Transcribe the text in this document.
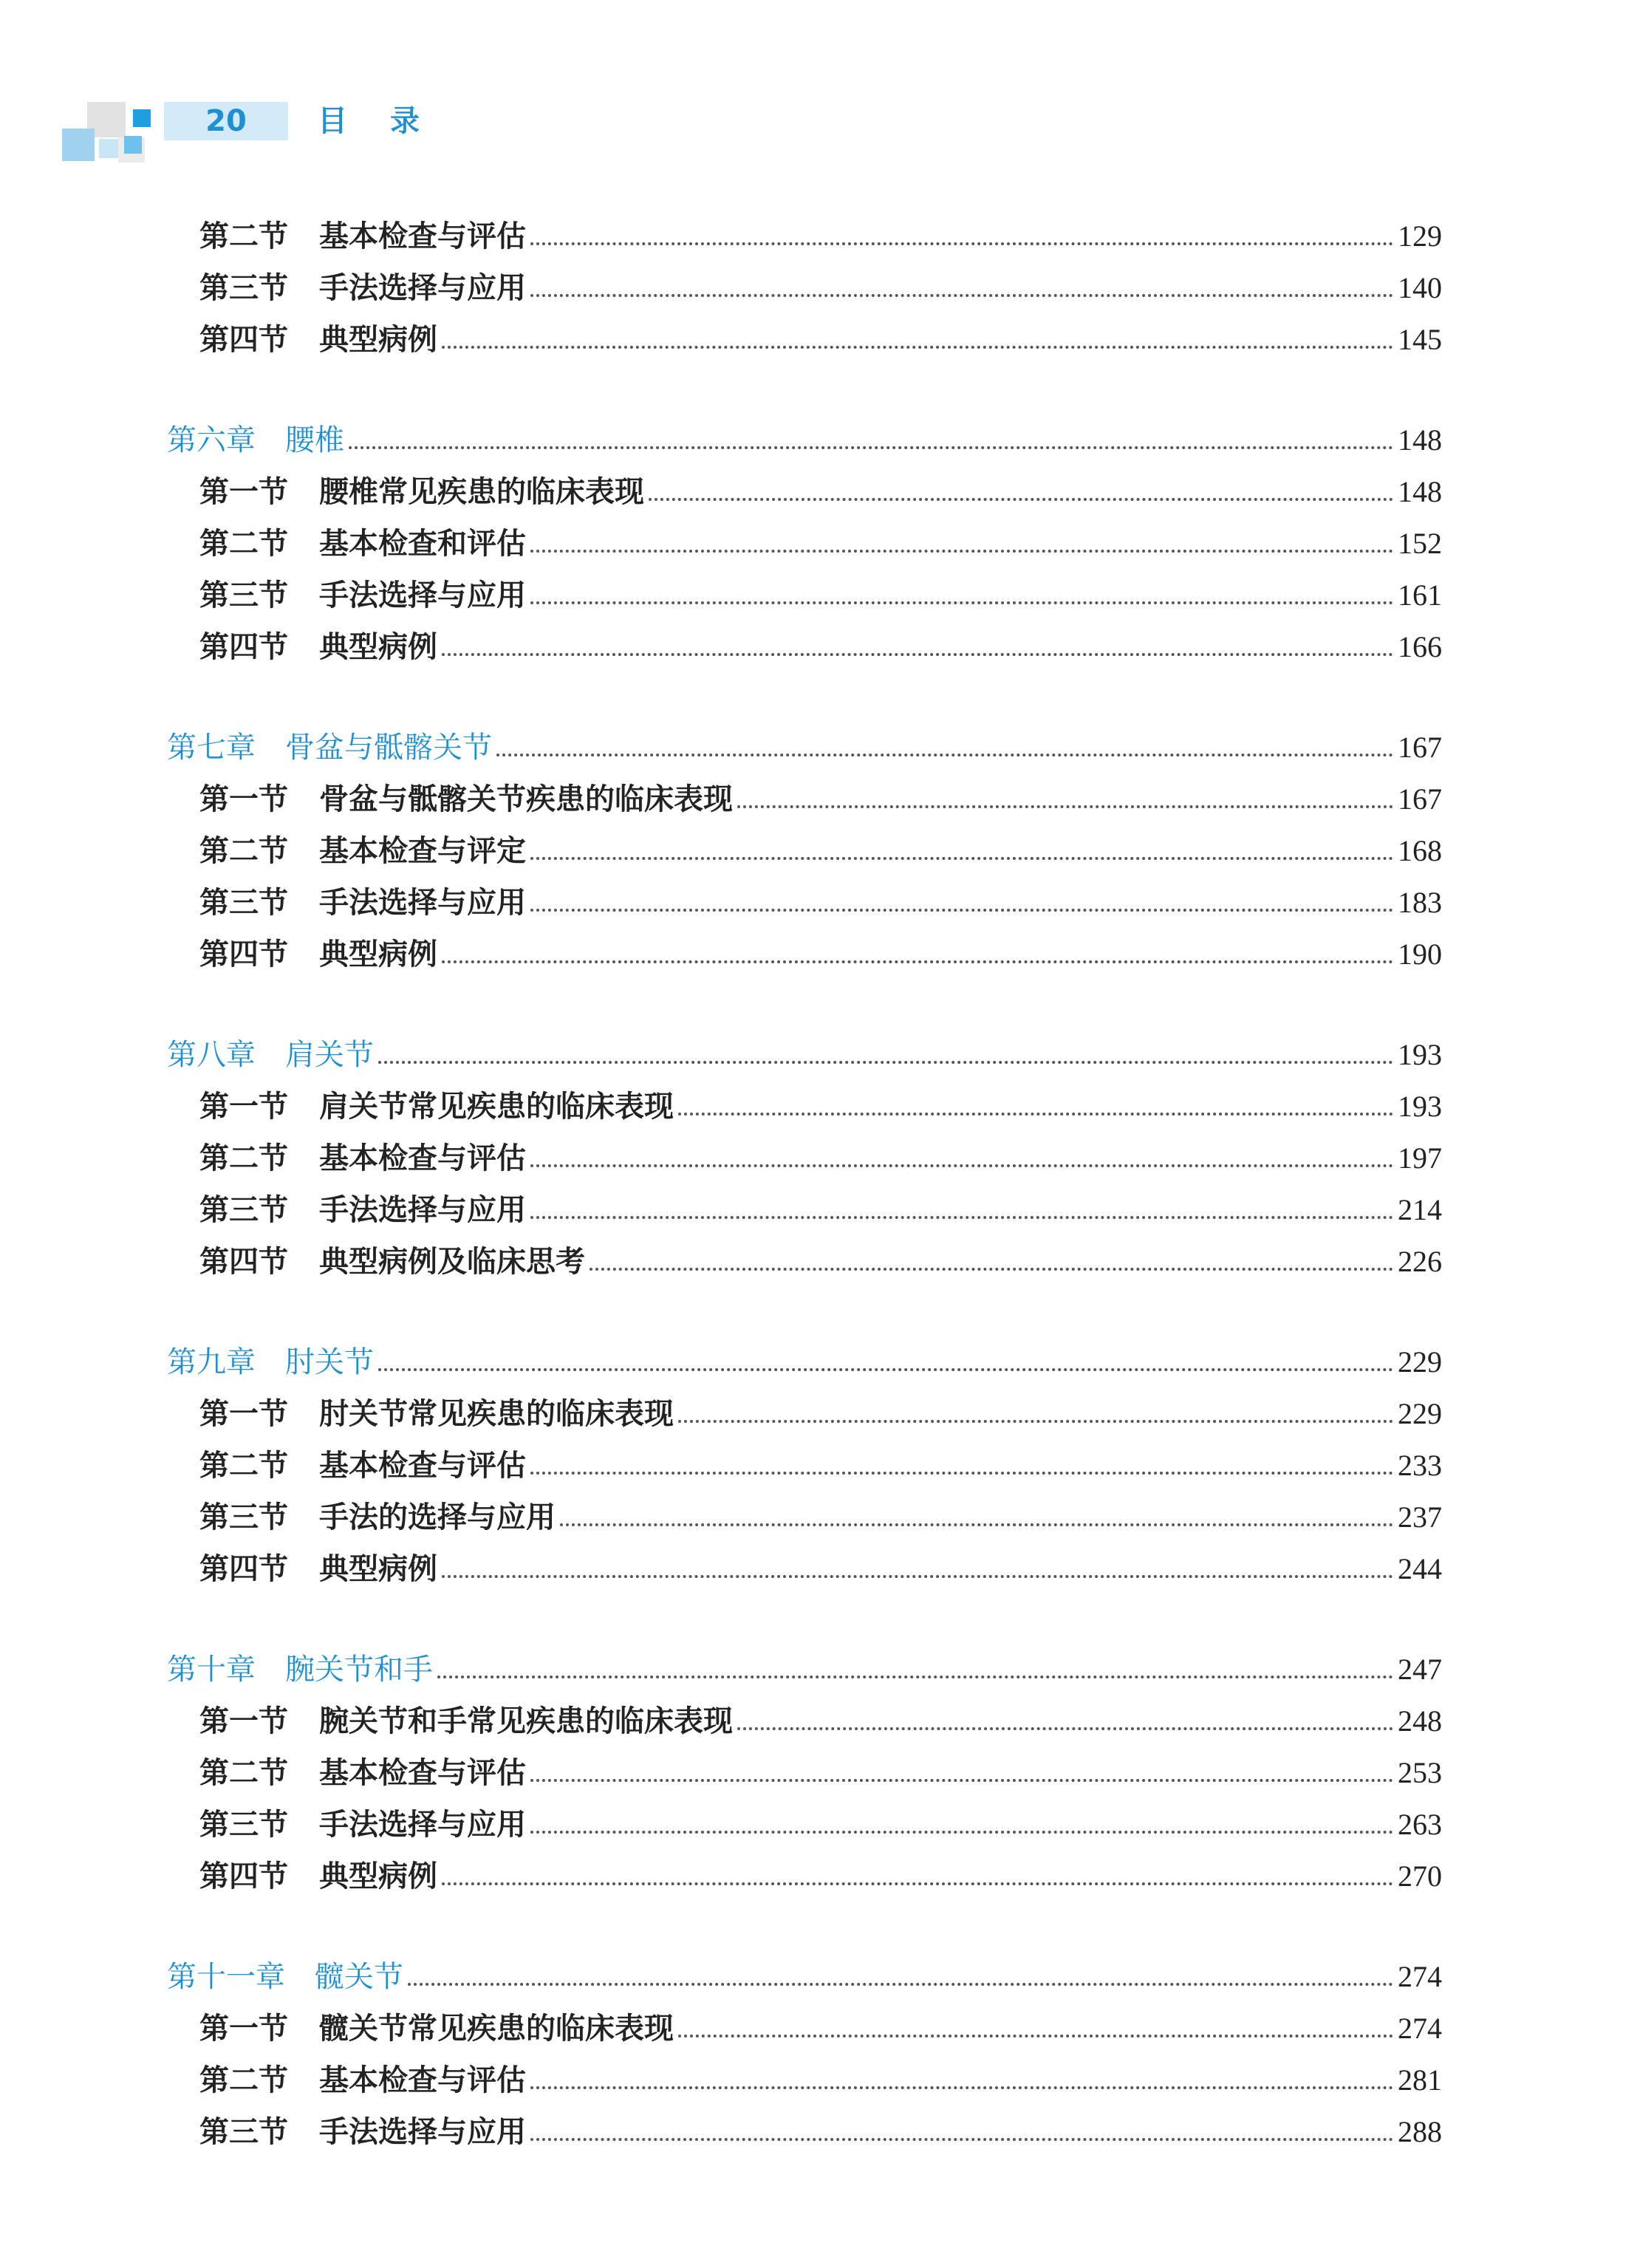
20	目录
第二节 基本检查与评估	129
第三节 手法选择与应用	140
第四节 典型病例	145
第六章 腰椎	148
第一节 腰椎常见疾患的临床表现	148
第二节 基本检查和评估	152
第三节 手法选择与应用	161
第四节 典型病例	166
第七章 骨盆与骶髂关节	167
第一节 骨盆与骶髂关节疾患的临床表现	167
第二节 基本检查与评定	168
第三节 手法选择与应用	183
第四节 典型病例	190
第八章 肩关节	193
第一节 肩关节常见疾患的临床表现	193
第二节 基本检查与评估	197
第三节 手法选择与应用	214
第四节 典型病例及临床思考	226
第九章 肘关节	229
第一节 肘关节常见疾患的临床表现	229
第二节 基本检查与评估	233
第三节 手法的选择与应用	237
第四节 典型病例	244
第十章 腕关节和手	247
第一节 腕关节和手常见疾患的临床表现	248
第二节 基本检查与评估	253
第三节 手法选择与应用	263
第四节 典型病例	270
第十一章 髋关节	274
第一节 髋关节常见疾患的临床表现	274
第二节 基本检查与评估	281
第三节 手法选择与应用	288
